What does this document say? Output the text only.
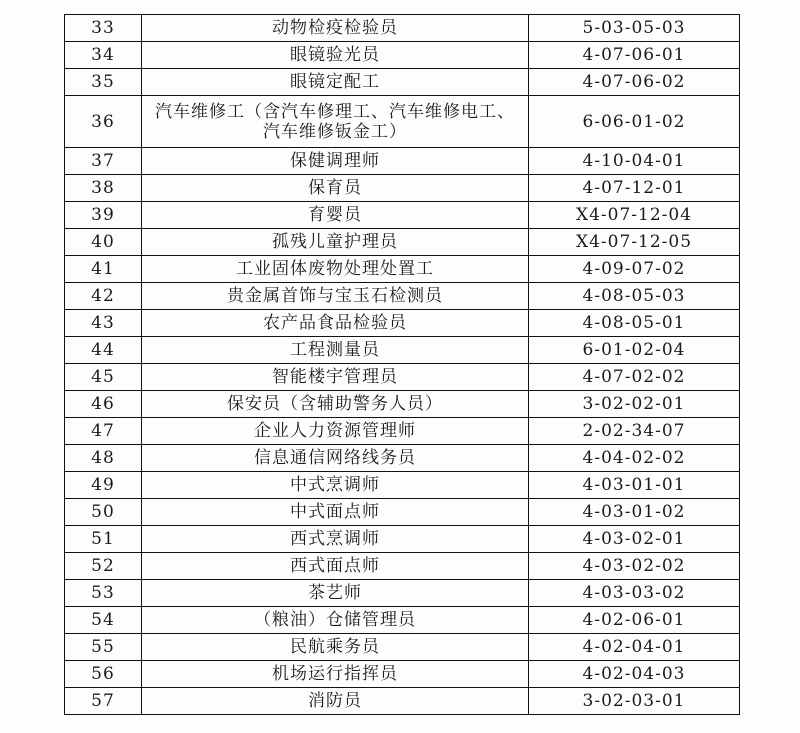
33	动物检疫检验员	5-03-05-03
34	眼镜验光员	4-07-06-01
35	眼镜定配工	4-07-06-02
36	汽车维修工（含汽车修理工、汽车维修电工、
汽车维修钣金工）	6-06-01-02
37	保健调理师	4-10-04-01
38	保育员	4-07-12-01
39	育婴员	X4-07-12-04
40	孤残儿童护理员	X4-07-12-05
41	工业固体废物处理处置工	4-09-07-02
42	贵金属首饰与宝玉石检测员	4-08-05-03
43	农产品食品检验员	4-08-05-01
44	工程测量员	6-01-02-04
45	智能楼宇管理员	4-07-02-02
46	保安员（含辅助警务人员）	3-02-02-01
47	企业人力资源管理师	2-02-34-07
48	信息通信网络线务员	4-04-02-02
49	中式烹调师	4-03-01-01
50	中式面点师	4-03-01-02
51	西式烹调师	4-03-02-01
52	西式面点师	4-03-02-02
53	茶艺师	4-03-03-02
54	（粮油）仓储管理员	4-02-06-01
55	民航乘务员	4-02-04-01
56	机场运行指挥员	4-02-04-03
57	消防员	3-02-03-01
